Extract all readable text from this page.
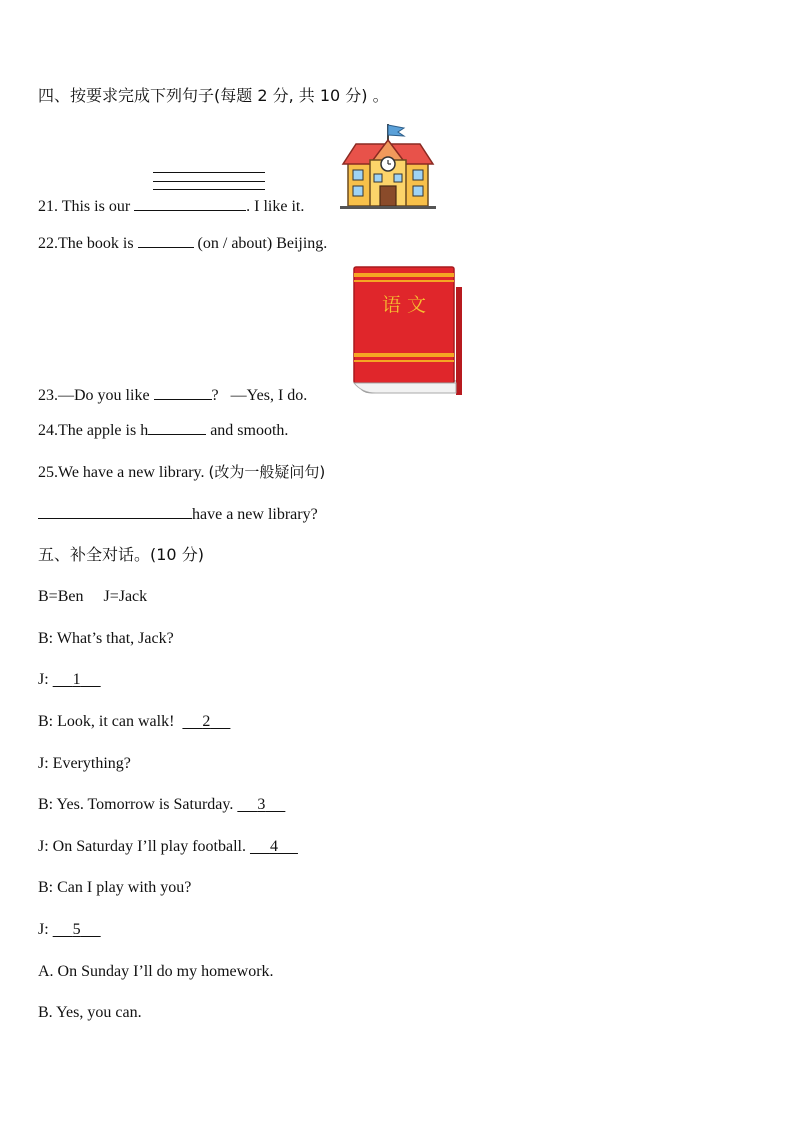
四、按要求完成下列句子(每题 2 分, 共 10 分) 。
21. This is our	. I like it.
22.The book is	(on / about) Beijing.
语 文
23.—Do you like	? —Yes, I do.
24.The apple is h	and smooth.
25.We have a new library. (改为一般疑问句)
have a new library?
五、补全对话。(10 分)
B=Ben J=Jack
B: What’s that, Jack?
J: 1
B: Look, it can walk! 2
J: Everything?
B: Yes. Tomorrow is Saturday. 3
J: On Saturday I’ll play football. 4
B: Can I play with you?
J: 5
A. On Sunday I’ll do my homework.
B. Yes, you can.
